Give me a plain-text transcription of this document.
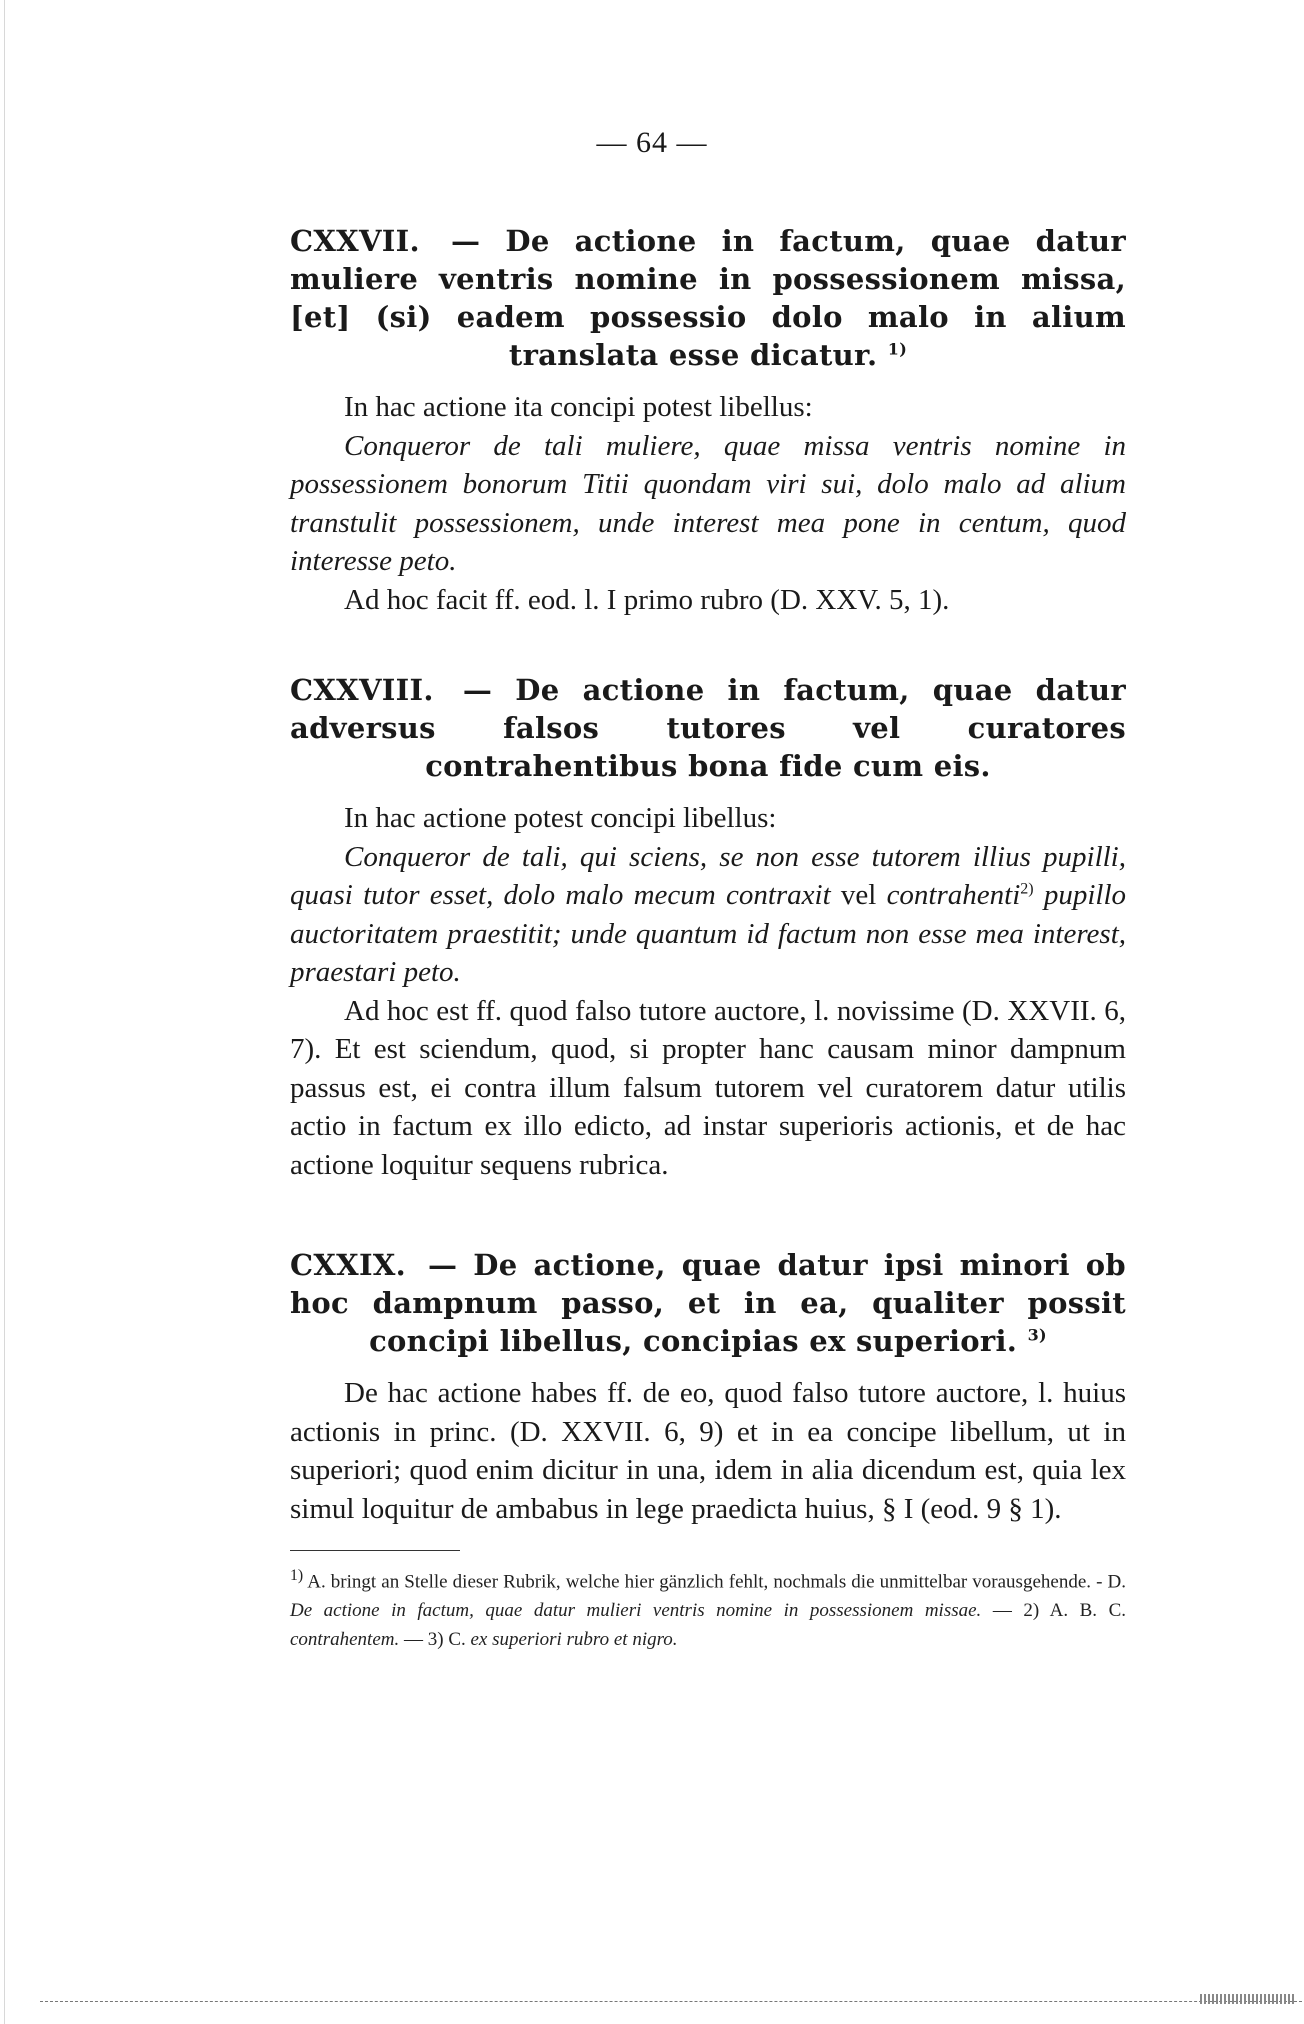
— 64 —
CXXVII. — De actione in factum, quae datur muliere ventris nomine in possessionem missa, [et] (si) eadem possessio dolo malo in alium translata esse dicatur. $^{1)}$
In hac actione ita concipi potest libellus:
Conqueror de tali muliere, quae missa ventris nomine in possessionem bonorum Titii quondam viri sui, dolo malo ad alium transtulit possessionem, unde interest mea pone in centum, quod interesse peto.
Ad hoc facit ff. eod. l. I primo rubro (D. XXV. 5, 1).
CXXVIII. — De actione in factum, quae datur adversus falsos tutores vel curatores contrahentibus bona fide cum eis.
In hac actione potest concipi libellus:
Conqueror de tali, qui sciens, se non esse tutorem illius pupilli, quasi tutor esset, dolo malo mecum contraxit vel contrahenti$^{2)}$ pupillo auctoritatem praestitit; unde quantum id factum non esse mea interest, praestari peto.
Ad hoc est ff. quod falso tutore auctore, l. novissime (D. XXVII. 6, 7). Et est sciendum, quod, si propter hanc causam minor dampnum passus est, ei contra illum falsum tutorem vel curatorem datur utilis actio in factum ex illo edicto, ad instar superioris actionis, et de hac actione loquitur sequens rubrica.
CXXIX. — De actione, quae datur ipsi minori ob hoc dampnum passo, et in ea, qualiter possit concipi libellus, concipias ex superiori. $^{3)}$
De hac actione habes ff. de eo, quod falso tutore auctore, l. huius actionis in princ. (D. XXVII. 6, 9) et in ea concipe libellum, ut in superiori; quod enim dicitur in una, idem in alia dicendum est, quia lex simul loquitur de ambabus in lege praedicta huius, § I (eod. 9 § 1).
$^{1)}$ A. bringt an Stelle dieser Rubrik, welche hier gänzlich fehlt, nochmals die unmittelbar vorausgehende. - D. De actione in factum, quae datur mulieri ventris nomine in possessionem missae. — 2) A. B. C. contrahentem. — 3) C. ex superiori rubro et nigro.
